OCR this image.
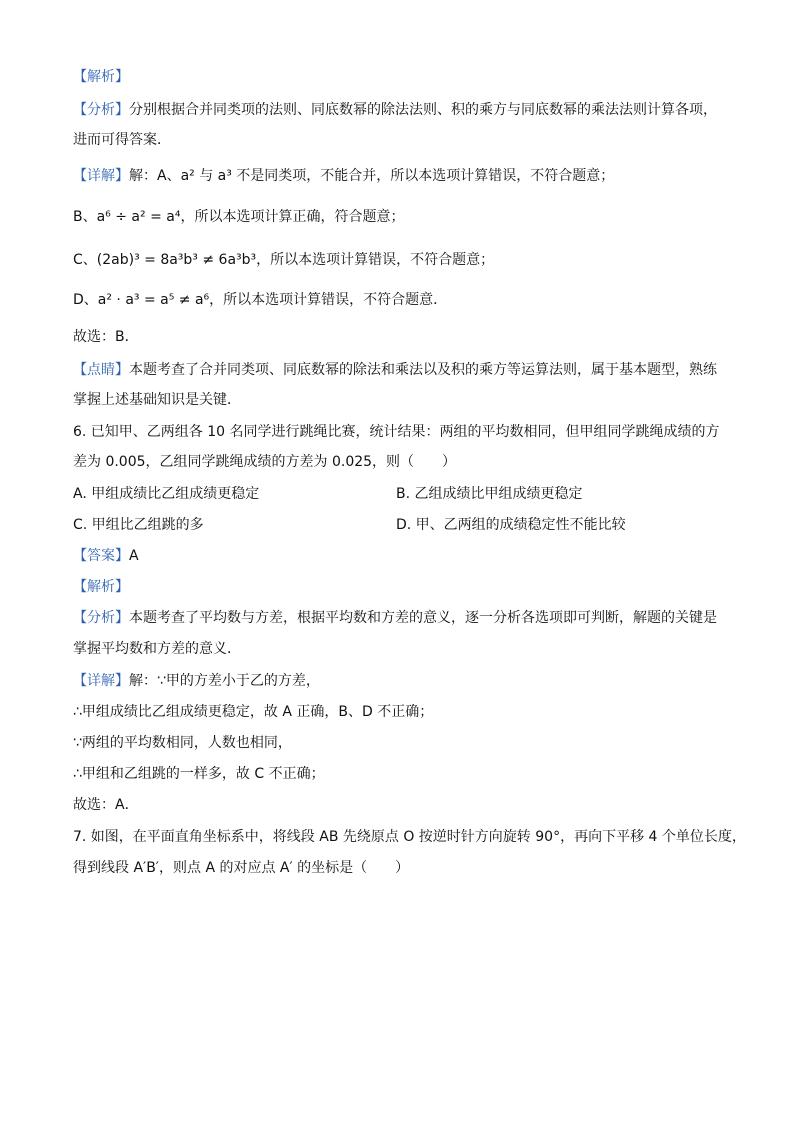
【解析】
【分析】分别根据合并同类项的法则、同底数幂的除法法则、积的乘方与同底数幂的乘法法则计算各项，
进而可得答案．
【详解】解：A、a² 与 a³ 不是同类项，不能合并，所以本选项计算错误，不符合题意；
B、a⁶ ÷ a² = a⁴，所以本选项计算正确，符合题意；
C、(2ab)³ = 8a³b³ ≠ 6a³b³，所以本选项计算错误，不符合题意；
D、a² · a³ = a⁵ ≠ a⁶，所以本选项计算错误，不符合题意．
故选：B．
【点睛】本题考查了合并同类项、同底数幂的除法和乘法以及积的乘方等运算法则，属于基本题型，熟练
掌握上述基础知识是关键．
6. 已知甲、乙两组各 10 名同学进行跳绳比赛，统计结果：两组的平均数相同，但甲组同学跳绳成绩的方
差为 0.005，乙组同学跳绳成绩的方差为 0.025，则（　　）
A. 甲组成绩比乙组成绩更稳定	B. 乙组成绩比甲组成绩更稳定
C. 甲组比乙组跳的多	D. 甲、乙两组的成绩稳定性不能比较
【答案】A
【解析】
【分析】本题考查了平均数与方差，根据平均数和方差的意义，逐一分析各选项即可判断，解题的关键是
掌握平均数和方差的意义．
【详解】解：∵甲的方差小于乙的方差，
∴甲组成绩比乙组成绩更稳定，故 A 正确，B、D 不正确；
∵两组的平均数相同，人数也相同，
∴甲组和乙组跳的一样多，故 C 不正确；
故选：A．
7. 如图，在平面直角坐标系中，将线段 AB 先绕原点 O 按逆时针方向旋转 90°，再向下平移 4 个单位长度，
得到线段 A′B′，则点 A 的对应点 A′ 的坐标是（　　）
